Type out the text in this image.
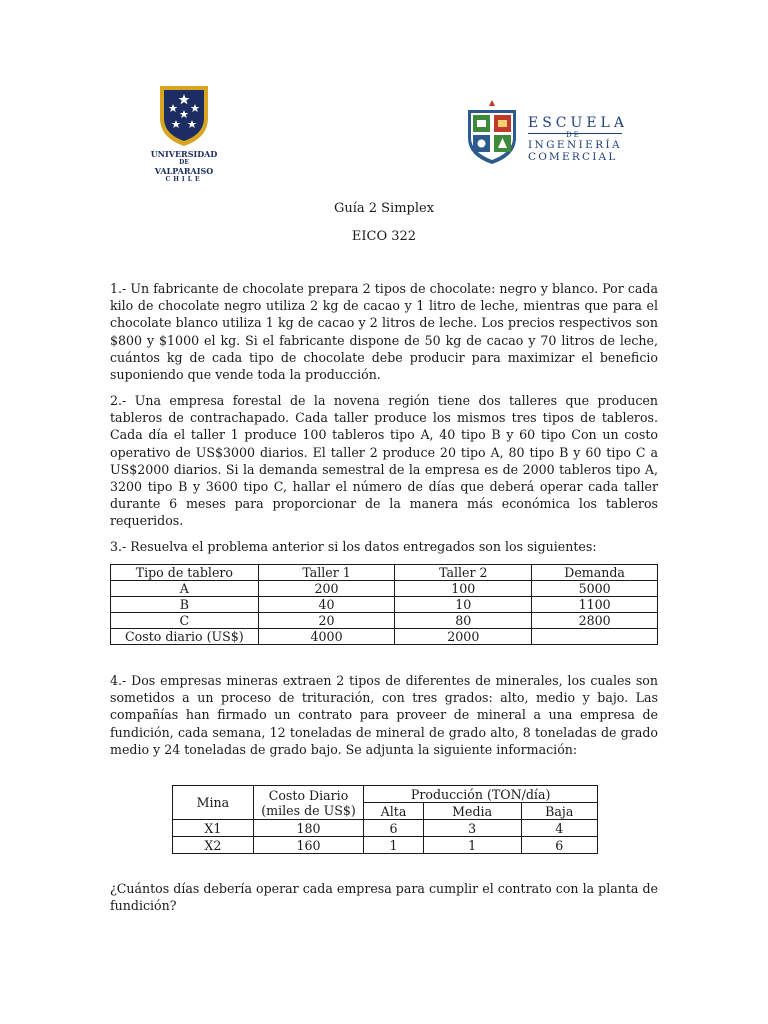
UNIVERSIDAD
DE
VALPARAISO
CHILE
ESCUELA
DE
INGENIERÍA
COMERCIAL
Guía 2 Simplex
EICO 322

1.- Un fabricante de chocolate prepara 2 tipos de chocolate: negro y blanco. Por cada kilo de chocolate negro utiliza 2 kg de cacao y 1 litro de leche, mientras que para el chocolate blanco utiliza 1 kg de cacao y 2 litros de leche. Los precios respectivos son $800 y $1000 el kg. Si el fabricante dispone de 50 kg de cacao y 70 litros de leche, cuántos kg de cada tipo de chocolate debe producir para maximizar el beneficio suponiendo que vende toda la producción.

2.- Una empresa forestal de la novena región tiene dos talleres que producen tableros de contrachapado. Cada taller produce los mismos tres tipos de tableros. Cada día el taller 1 produce 100 tableros tipo A, 40 tipo B y 60 tipo Con un costo operativo de US$3000 diarios. El taller 2 produce 20 tipo A, 80 tipo B y 60 tipo C a US$2000 diarios. Si la demanda semestral de la empresa es de 2000 tableros tipo A, 3200 tipo B y 3600 tipo C, hallar el número de días que deberá operar cada taller durante 6 meses para proporcionar de la manera más económica los tableros requeridos.

3.- Resuelva el problema anterior si los datos entregados son los siguientes:

Tipo de tablero	Taller 1	Taller 2	Demanda
A	200	100	5000
B	40	10	1100
C	20	80	2800
Costo diario (US$)	4000	2000	

4.- Dos empresas mineras extraen 2 tipos de diferentes de minerales, los cuales son sometidos a un proceso de trituración, con tres grados: alto, medio y bajo. Las compañías han firmado un contrato para proveer de mineral a una empresa de fundición, cada semana, 12 toneladas de mineral de grado alto, 8 toneladas de grado medio y 24 toneladas de grado bajo. Se adjunta la siguiente información:

Mina	Costo Diario
(miles de US$)	Producción (TON/día)		
		Alta	Media	Baja
X1	180	6	3	4
X2	160	1	1	6

¿Cuántos días debería operar cada empresa para cumplir el contrato con la planta de fundición?
